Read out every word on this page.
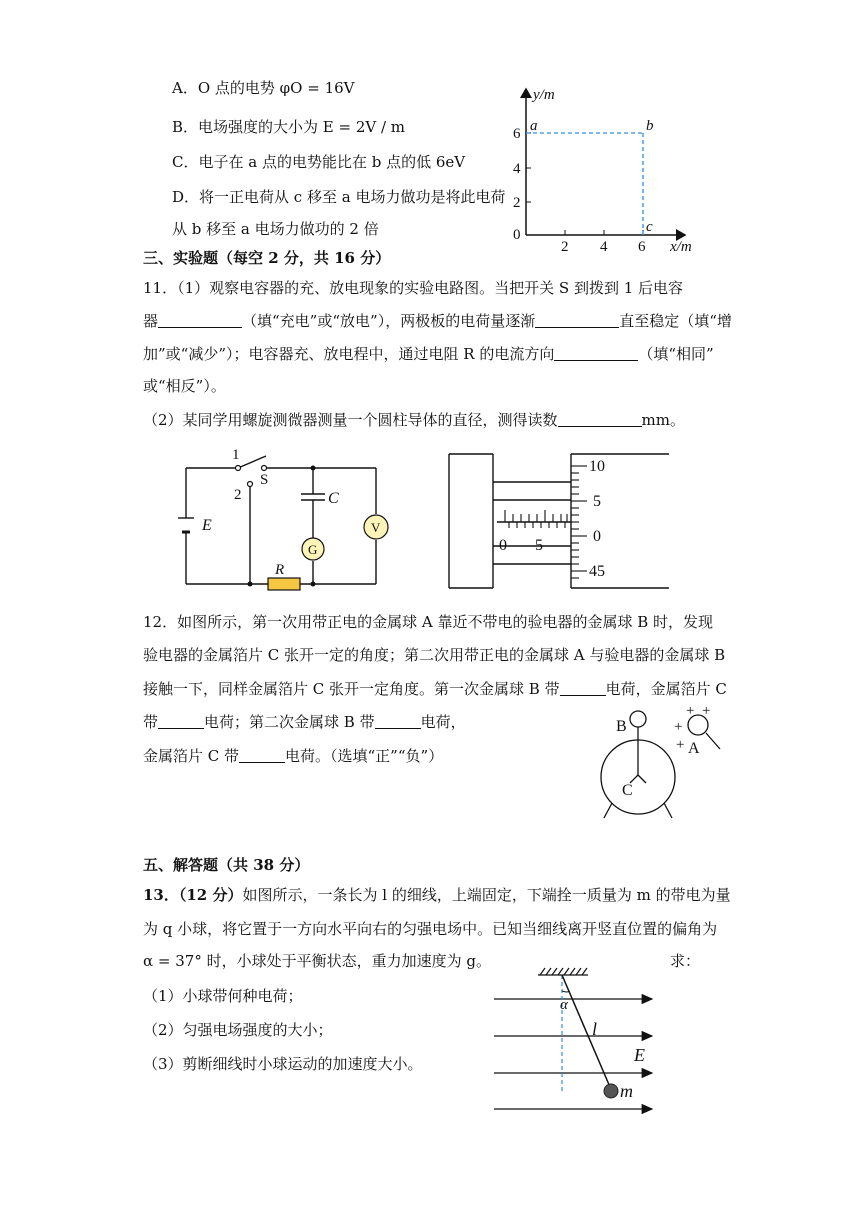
A．O 点的电势 φO = 16V
B．电场强度的大小为 E = 2V / m
C．电子在 a 点的电势能比在 b 点的低 6eV
D．将一正电荷从 c 移至 a 电场力做功是将此电荷
从 b 移至 a 电场力做功的 2 倍
y/m
x/m
0
2 4 6
2
4
6 a	b
c
三、实验题（每空 2 分，共 16 分）
11．（1）观察电容器的充、放电现象的实验电路图。当把开关 S 到拨到 1 后电容
器	（填“充电”或“放电”），两极板的电荷量逐渐	直至稳定（填“增
加”或“减少”）；电容器充、放电程中，通过电阻 R 的电流方向	（填“相同”
或“相反”）。
（2）某同学用螺旋测微器测量一个圆柱导体的直径，测得读数	mm。
1
2
S
C
E
R
G
V
0 5
10
5
0
45
12．如图所示，第一次用带正电的金属球 A 靠近不带电的验电器的金属球 B 时，发现
验电器的金属箔片 C 张开一定的角度；第二次用带正电的金属球 A 与验电器的金属球 B
接触一下，同样金属箔片 C 张开一定角度。第一次金属球 B 带	电荷，金属箔片 C
带	电荷；第二次金属球 B 带	电荷，
金属箔片 C 带	电荷。（选填“正”“负”）
B
A
C
+ +
+
+
五、解答题（共 38 分）
13．（12 分）如图所示，一条长为 l 的细线，上端固定，下端拴一质量为 m 的带电为量
为 q 小球，将它置于一方向水平向右的匀强电场中。已知当细线离开竖直位置的偏角为
α = 37° 时，小球处于平衡状态，重力加速度为 g。	求：
（1）小球带何种电荷；
（2）匀强电场强度的大小；
（3）剪断细线时小球运动的加速度大小。
α
l
E
m
